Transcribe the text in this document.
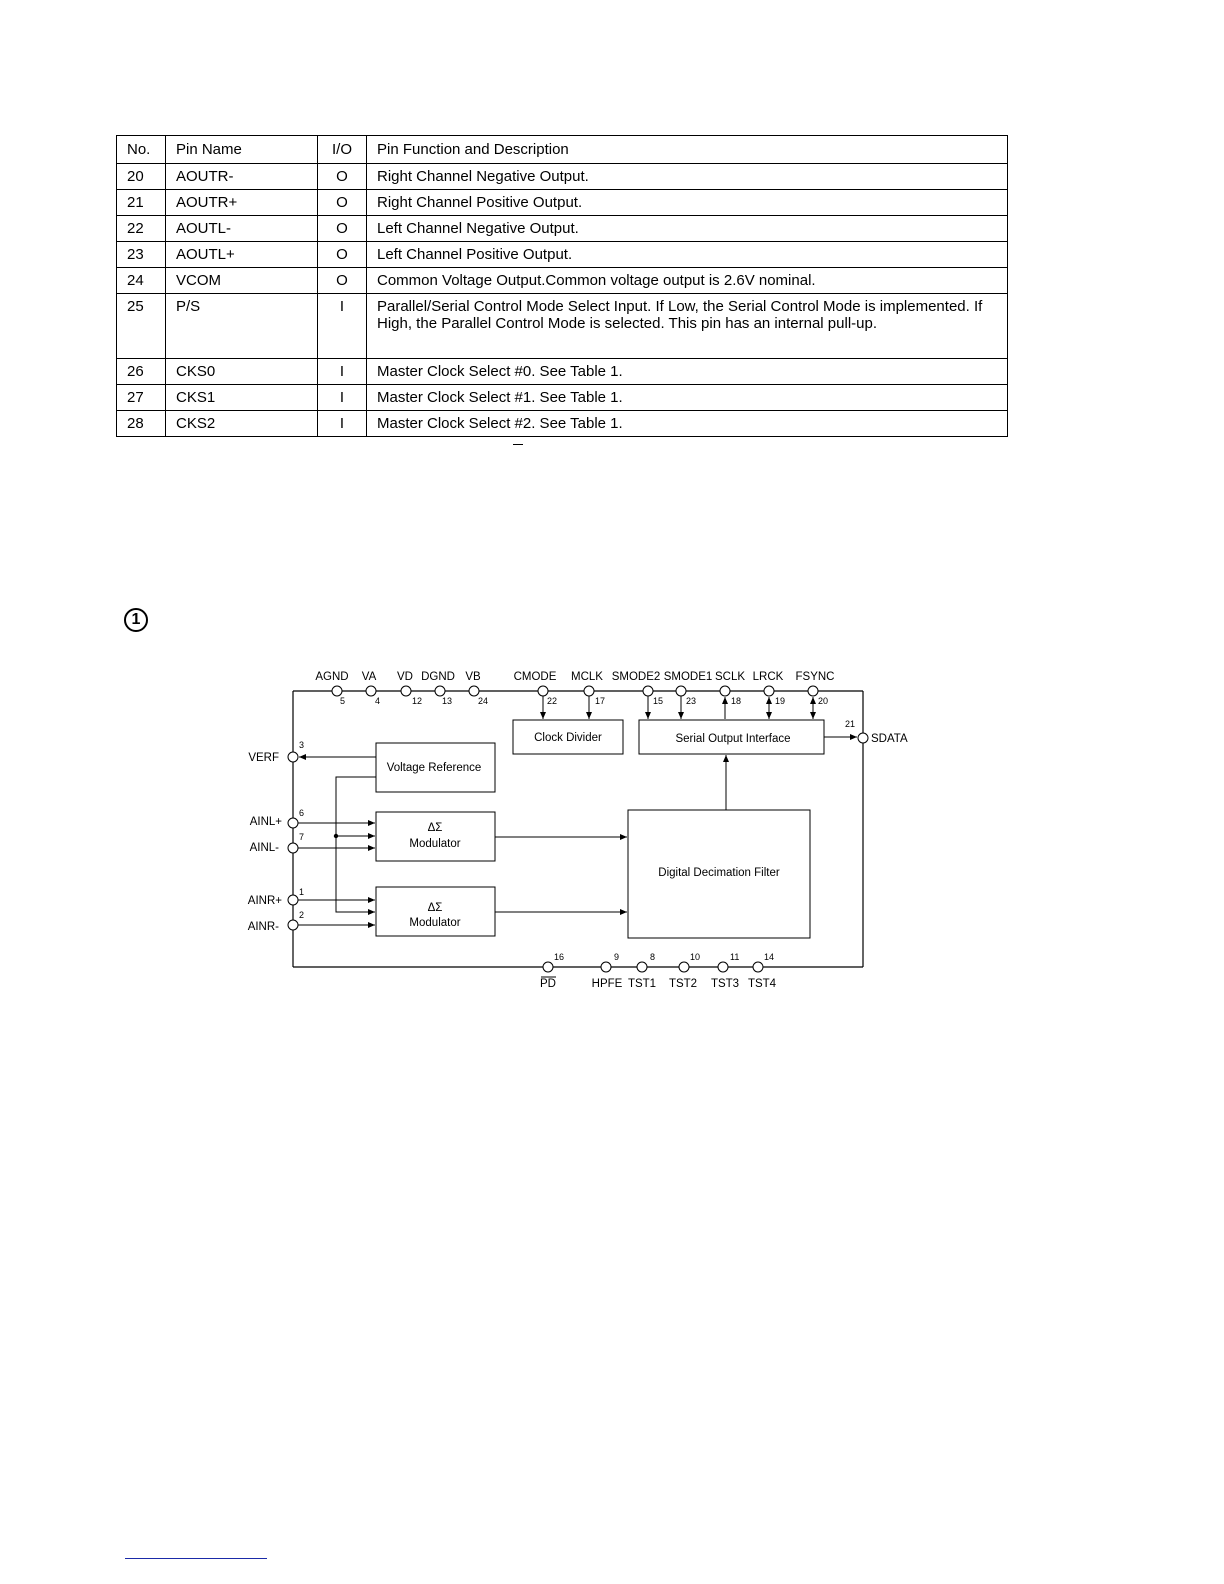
No.	Pin Name	I/O	Pin Function and Description
20	AOUTR-	O	Right Channel Negative Output.
21	AOUTR+	O	Right Channel Positive Output.
22	AOUTL-	O	Left Channel Negative Output.
23	AOUTL+	O	Left Channel Positive Output.
24	VCOM	O	Common Voltage Output.Common voltage output is 2.6V nominal.
25	P/S	I	Parallel/Serial Control Mode Select Input. If Low, the Serial Control Mode is implemented. If High, the Parallel Control Mode is selected. This pin has an internal pull-up.
26	CKS0	I	Master Clock Select #0. See Table 1.
27	CKS1	I	Master Clock Select #1. See Table 1.
28	CKS2	I	Master Clock Select #2. See Table 1.
1
Clock Divider	Serial Output Interface
Voltage Reference
ΔΣ
Modulator
ΔΣ
Modulator
Digital Decimation Filter
AGND VA VD DGND VB	CMODE MCLK SMODE2 SMODE1 SCLK LRCK FSYNC
5	4	12 13	24	22	17	15	23	18	19	20
VERF
AINL+
AINL-
AINR+
AINR-
3
6
7
1
2
SDATA
21
PD	HPFE TST1 TST2 TST3 TST4
16	9	8	10	11	14
